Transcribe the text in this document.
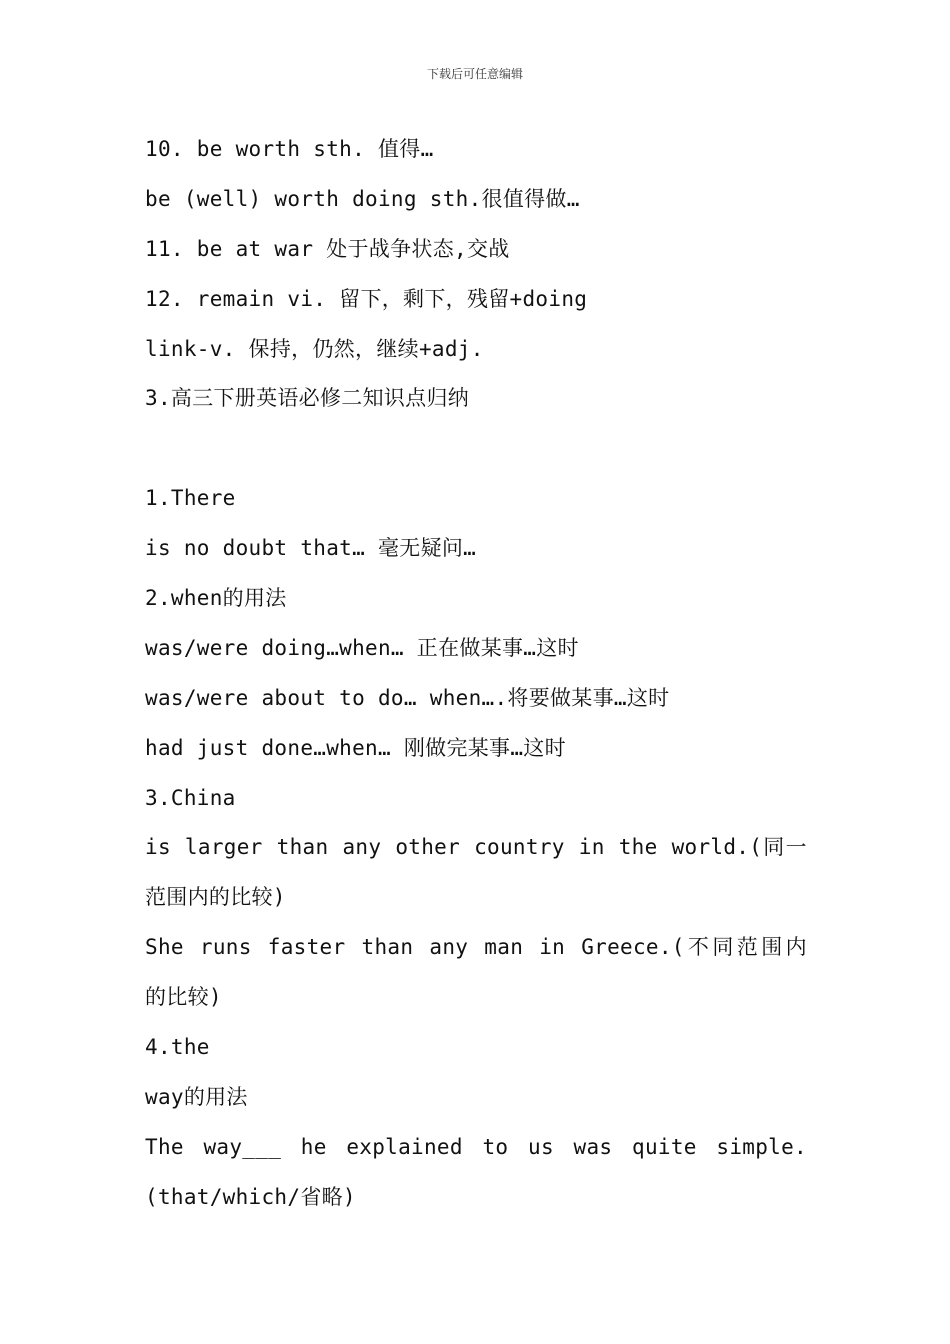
下载后可任意编辑
10. be worth sth. 值得…
be (well) worth doing sth.很值得做…
11. be at war 处于战争状态,交战
12. remain vi. 留下，剩下，残留+doing
link-v. 保持，仍然，继续+adj.
3.高三下册英语必修二知识点归纳
1.There
is no doubt that… 毫无疑问…
2.when的用法
was/were doing…when… 正在做某事…这时
was/were about to do… when….将要做某事…这时
had just done…when… 刚做完某事…这时
3.China
is larger than any other country in the world.(同一
范围内的比较)
She runs faster than any man in Greece.(不同范围内
的比较)
4.the
way的用法
The way___ he explained to us was quite simple.
(that/which/省略)
